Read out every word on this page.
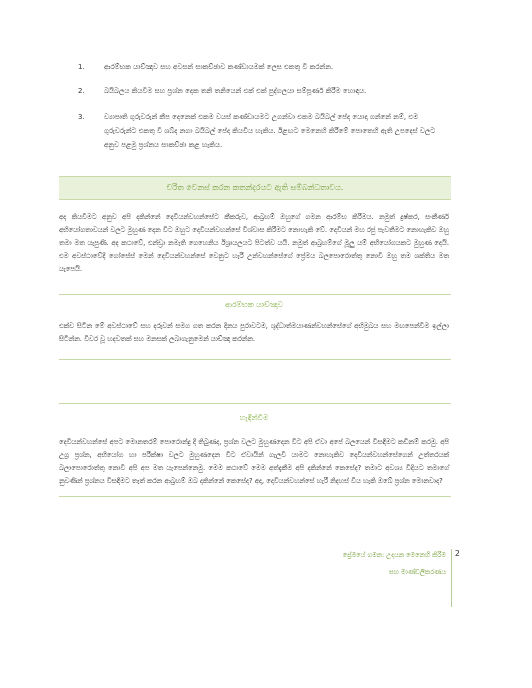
1.	ආරම්භක යාච්ඤාව සහ අවසන් සාකච්ඡාව කණ්ඩායමක් ලෙස එකතු වී කරන්න.
2.	බයිබලය කියවීම සහ ප්‍රශ්න දෙක තනි තනියෙන් එක් එක් පුද්ගලයා සම්පූර්ණ කිරීම හොඳය.
3.	ව්‍යාපෘති ගුරුවරුන් කීප දෙනෙක් එකම වයස් කණ්ඩායමට උගන්වා එකම බයිබල් පේද යොදා ගන්නේ නම්, එම ගුරුවරුන්ට එකතු වී ශබ්ද නගා බයිබල් පේද කියවිය හැකිය. ඊළඟට මෙනෙහි කිරීමේ පොතෙහි ඇති උපදෙස් වලට අනුව පළමු ප්‍රශ්නය සාකච්ඡා කළ හැකිය.
චරිත වෙනස් කරන කතන්දරයට ඇති සම්බන්ධතාවය.
අද කියවීමට අනුව අපි දකින්නේ දෙවියන්වහන්සේට කීකරුව, ආබ්‍රහම් ඔහුගේ ගමන ආරම්භ කිරීමය. නමුත් දුෂ්කර, සංකීර්ණ අභියෝගතාවයන් වලට මුහුණ දෙන විට ඔහුට දෙවියන්වහන්සේ විශ්වාස කිරීමට නොහැකි වේ. දෙවියන් මහ රජු පැවතීමට නොහැකිව ඔහු තමා මත යැපුණි. අද කථාවේ, එන්ඩ්‍රා නමැති ගෙහෙනිය ඊශ්‍රායලයට පිටත්ව යයි. නමුත් ආබ්‍රහම්ගේ මූලු යම් අභියෝගයකට මුහුණ දෙයි. එම අවස්ථාවේදී ගෝසේස් මෙන් දෙවියන්වහන්සේ වෙනුට හැරී උන්වහන්සේගේ ප්‍රේමය බලපොරොත්තු නොවී ඔහු තම ශක්තිය මත යැපෙයි.
ආරම්භක යාච්ඤාව
එක්ව සිටින මේ අවස්ථාවේ සහ දරුවන් සමග ගත කරන දිනය පුරාවටම, ශුද්ධාත්මයාණන්වහන්සේගේ අභිමුඛය සහ මඟපෙන්වීම ඉල්ලා සිටින්න. විවර වූ හදවතක් සහ මනසක් ලබාගැනුමෙන් යාච්ඤා කරන්න.
හැඳින්වීම
දෙවියන්වහන්සේ අපට මොනතරම් පොරොන්දු දී තිබුණද, ප්‍රශ්න වලට මුහුණදෙන විට අපි ඒවා අපේ බලයෙන් විසඳීමට කඩිනම් කරමු. අපි උග්‍ර ප්‍රශ්න, අභියෝග හා පරීක්ෂා වලට මුහුණදෙන විට ඒවායින් ගැලවී යාමට නොහැකිව දෙවියන්වහන්සේගෙන් උත්තරයක් බලාපොරොත්තු නොවී අපි අප මත යැපෙන්නෙමු. මෙම කථාවේ මෙම අත්දැකීම අපි දකින්නේ කෙසේද? තමාට අවශ්‍ය විදියට තමාගේ නුවණින් ප්‍රශ්නය විසඳීමට තැත් කරන ආබ්‍රහම් ඔබ දකින්නේ කෙසේද? අද, දෙවියන්වහන්සේ හැරී නිදහස් විය හැකි ඔබේ ප්‍රශ්න මොනවාද?
ප්‍රේමයේ ගමන: උදයන මෙනෙහි කිරීම
සහ මාණ්ඩලිකරණය
2
